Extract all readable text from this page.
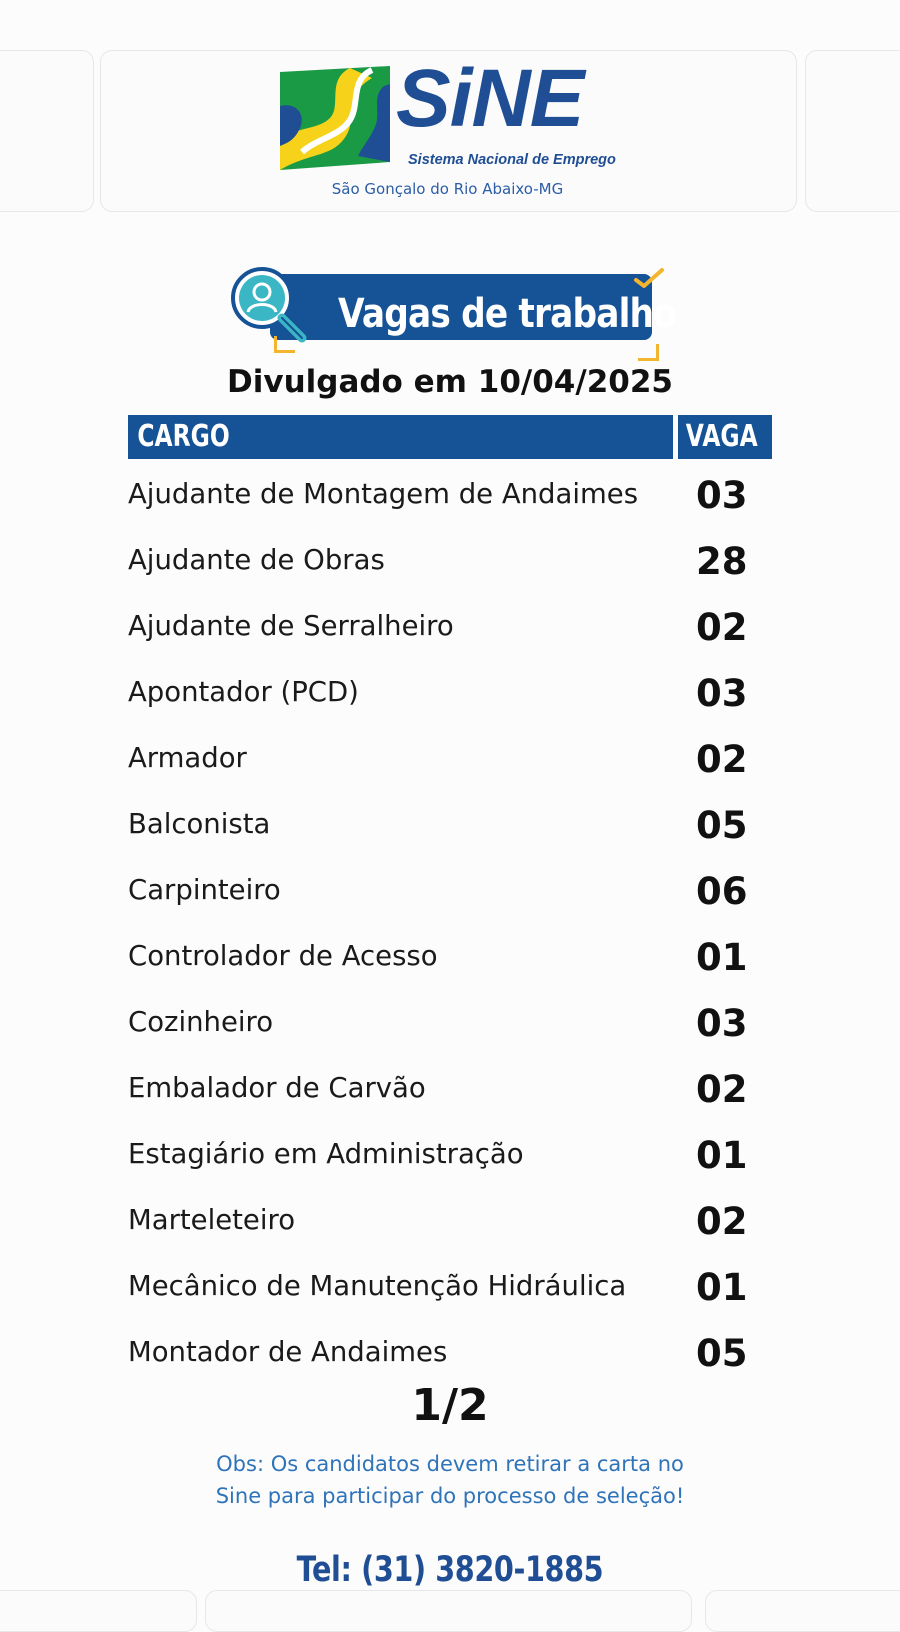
SiNE
Sistema Nacional de Emprego
São Gonçalo do Rio Abaixo-MG
Vagas de trabalho
Divulgado em 10/04/2025
CARGO	VAGA
Ajudante de Montagem de Andaimes 03
Ajudante de Obras	28
Ajudante de Serralheiro	02
Apontador (PCD)	03
Armador	02
Balconista	05
Carpinteiro	06
Controlador de Acesso	01
Cozinheiro	03
Embalador de Carvão	02
Estagiário em Administração	01
Marteleteiro	02
Mecânico de Manutenção Hidráulica 01
Montador de Andaimes	05
1/2
Obs: Os candidatos devem retirar a carta no
Sine para participar do processo de seleção!
Tel: (31) 3820-1885
